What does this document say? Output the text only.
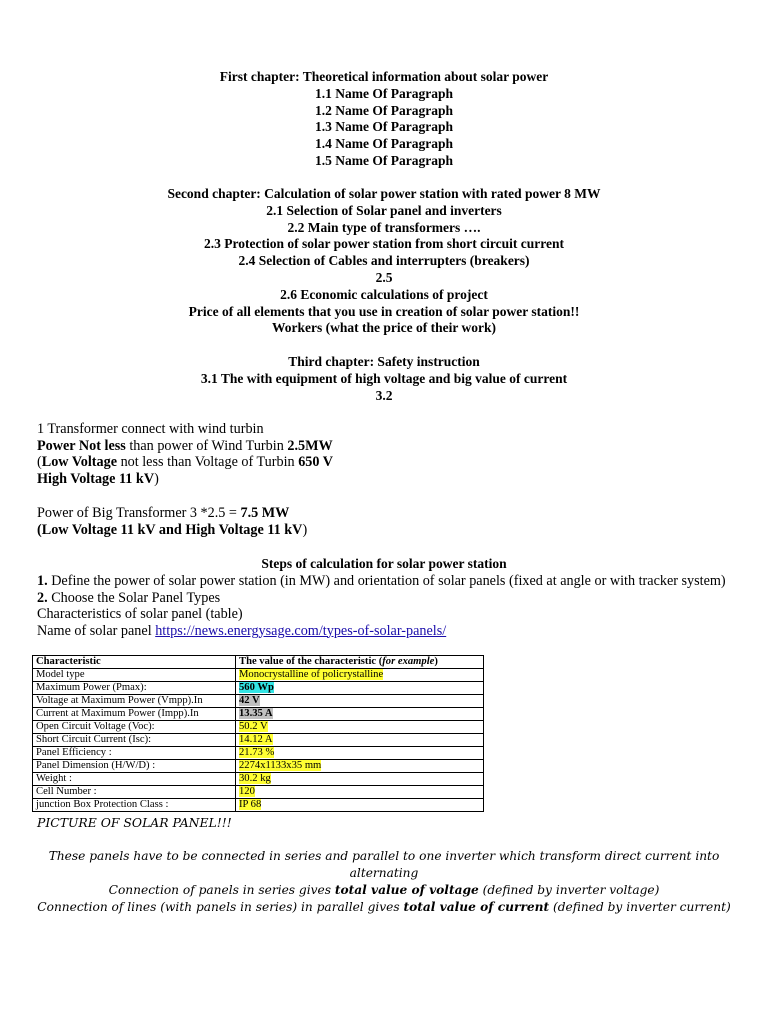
First chapter: Theoretical information about solar power
1.1 Name Of Paragraph
1.2 Name Of Paragraph
1.3 Name Of Paragraph
1.4 Name Of Paragraph
1.5 Name Of Paragraph
Second chapter: Calculation of solar power station with rated power 8 MW
2.1 Selection of Solar panel and inverters
2.2 Main type of transformers ….
2.3 Protection of solar power station from short circuit current
2.4 Selection of Cables and interrupters (breakers)
2.5
2.6 Economic calculations of project
Price of all elements that you use in creation of solar power station!!
Workers (what the price of their work)
Third chapter: Safety instruction
3.1 The with equipment of high voltage and big value of current
3.2
1 Transformer connect with wind turbin
Power Not less than power of Wind Turbin 2.5MW
(Low Voltage not less than Voltage of Turbin 650 V
High Voltage 11 kV)
Power of Big Transformer 3 *2.5 = 7.5 MW
(Low Voltage 11 kV and High Voltage 11 kV)
Steps of calculation for solar power station
1. Define the power of solar power station (in MW) and orientation of solar panels (fixed at angle or with tracker system)
2. Choose the Solar Panel Types
Characteristics of solar panel (table)
Name of solar panel https://news.energysage.com/types-of-solar-panels/
Characteristic	The value of the characteristic (for example)
Model type	Monocrystalline of policrystalline
Maximum Power (Pmax):	560 Wp
Voltage at Maximum Power (Vmpp).In	42 V
Current at Maximum Power (Impp).In	13.35 A
Open Circuit Voltage (Voc):	50.2 V
Short Circuit Current (Isc):	14.12 A
Panel Efficiency :	21.73 %
Panel Dimension (H/W/D) :	2274x1133x35 mm
Weight :	30.2 kg
Cell Number :	120
junction Box Protection Class :	IP 68
PICTURE OF SOLAR PANEL!!!
These panels have to be connected in series and parallel to one inverter which transform direct current into alternating
Connection of panels in series gives total value of voltage (defined by inverter voltage)
Connection of lines (with panels in series) in parallel gives total value of current (defined by inverter current)
